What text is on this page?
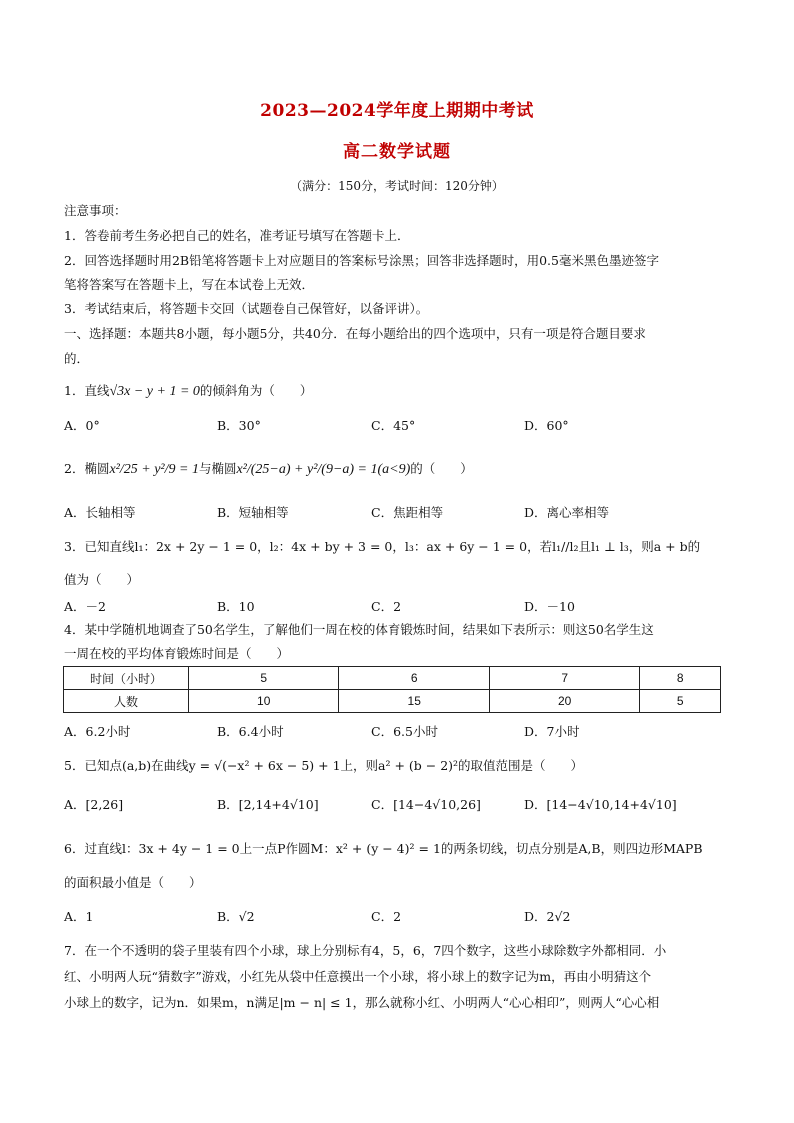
2023—2024学年度上期期中考试
高二数学试题
（满分：150分，考试时间：120分钟）
注意事项：
1．答卷前考生务必把自己的姓名，准考证号填写在答题卡上．
2．回答选择题时用2B铅笔将答题卡上对应题目的答案标号涂黑；回答非选择题时，用0.5毫米黑色墨迹签字
笔将答案写在答题卡上，写在本试卷上无效．
3．考试结束后，将答题卡交回（试题卷自己保管好，以备评讲）。
一、选择题：本题共8小题，每小题5分，共40分．在每小题给出的四个选项中，只有一项是符合题目要求
的．
1．直线√3x − y + 1 = 0的倾斜角为（　　）
A．0°	B．30°	C．45°	D．60°
2．椭圆x²/25 + y²/9 = 1与椭圆x²/(25−a) + y²/(9−a) = 1(a<9)的（　　）
A．长轴相等	B．短轴相等	C．焦距相等	D．离心率相等
3．已知直线l₁：2x + 2y − 1 = 0，l₂：4x + by + 3 = 0，l₃：ax + 6y − 1 = 0，若l₁//l₂且l₁ ⊥ l₃，则a + b的
值为（　　）
A．－2	B．10	C．2	D．－10
4．某中学随机地调查了50名学生，了解他们一周在校的体育锻炼时间，结果如下表所示：则这50名学生这
一周在校的平均体育锻炼时间是（　　）
时间（小时）	5	6	7	8
人数	10	15	20	5
A．6.2小时	B．6.4小时	C．6.5小时	D．7小时
5．已知点(a,b)在曲线y = √(−x² + 6x − 5) + 1上，则a² + (b − 2)²的取值范围是（　　）
A．[2,26]	B．[2,14+4√10]	C．[14−4√10,26]	D．[14−4√10,14+4√10]
6．过直线l：3x + 4y − 1 = 0上一点P作圆M：x² + (y − 4)² = 1的两条切线，切点分别是A,B，则四边形MAPB
的面积最小值是（　　）
A．1	B．√2	C．2	D．2√2
7．在一个不透明的袋子里装有四个小球，球上分别标有4，5，6，7四个数字，这些小球除数字外都相同．小
红、小明两人玩“猜数字”游戏，小红先从袋中任意摸出一个小球，将小球上的数字记为m，再由小明猜这个
小球上的数字，记为n．如果m，n满足|m − n| ≤ 1，那么就称小红、小明两人“心心相印”，则两人“心心相
